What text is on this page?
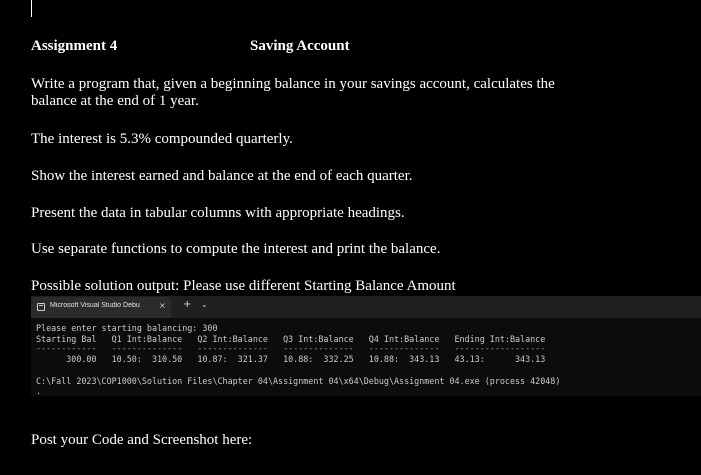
Assignment 4	Saving Account
Write a program that, given a beginning balance in your savings account, calculates the
balance at the end of 1 year.
The interest is 5.3% compounded quarterly.
Show the interest earned and balance at the end of each quarter.
Present the data in tabular columns with appropriate headings.
Use separate functions to compute the interest and print the balance.
Possible solution output: Please use different Starting Balance Amount
Microsoft Visual Studio Debu	× + ⌄
Please enter starting balancing: 300
Starting Bal   Q1 Int:Balance   Q2 Int:Balance   Q3 Int:Balance   Q4 Int:Balance   Ending Int:Balance
------------   --------------   --------------   --------------   --------------   ------------------
300.00   10.50:  310.50   10.87:  321.37   10.88:  332.25   10.88:  343.13   43.13:      343.13
C:\Fall 2023\COP1000\Solution Files\Chapter 04\Assignment 04\x64\Debug\Assignment 04.exe (process 42048)
.
Post your Code and Screenshot here:
